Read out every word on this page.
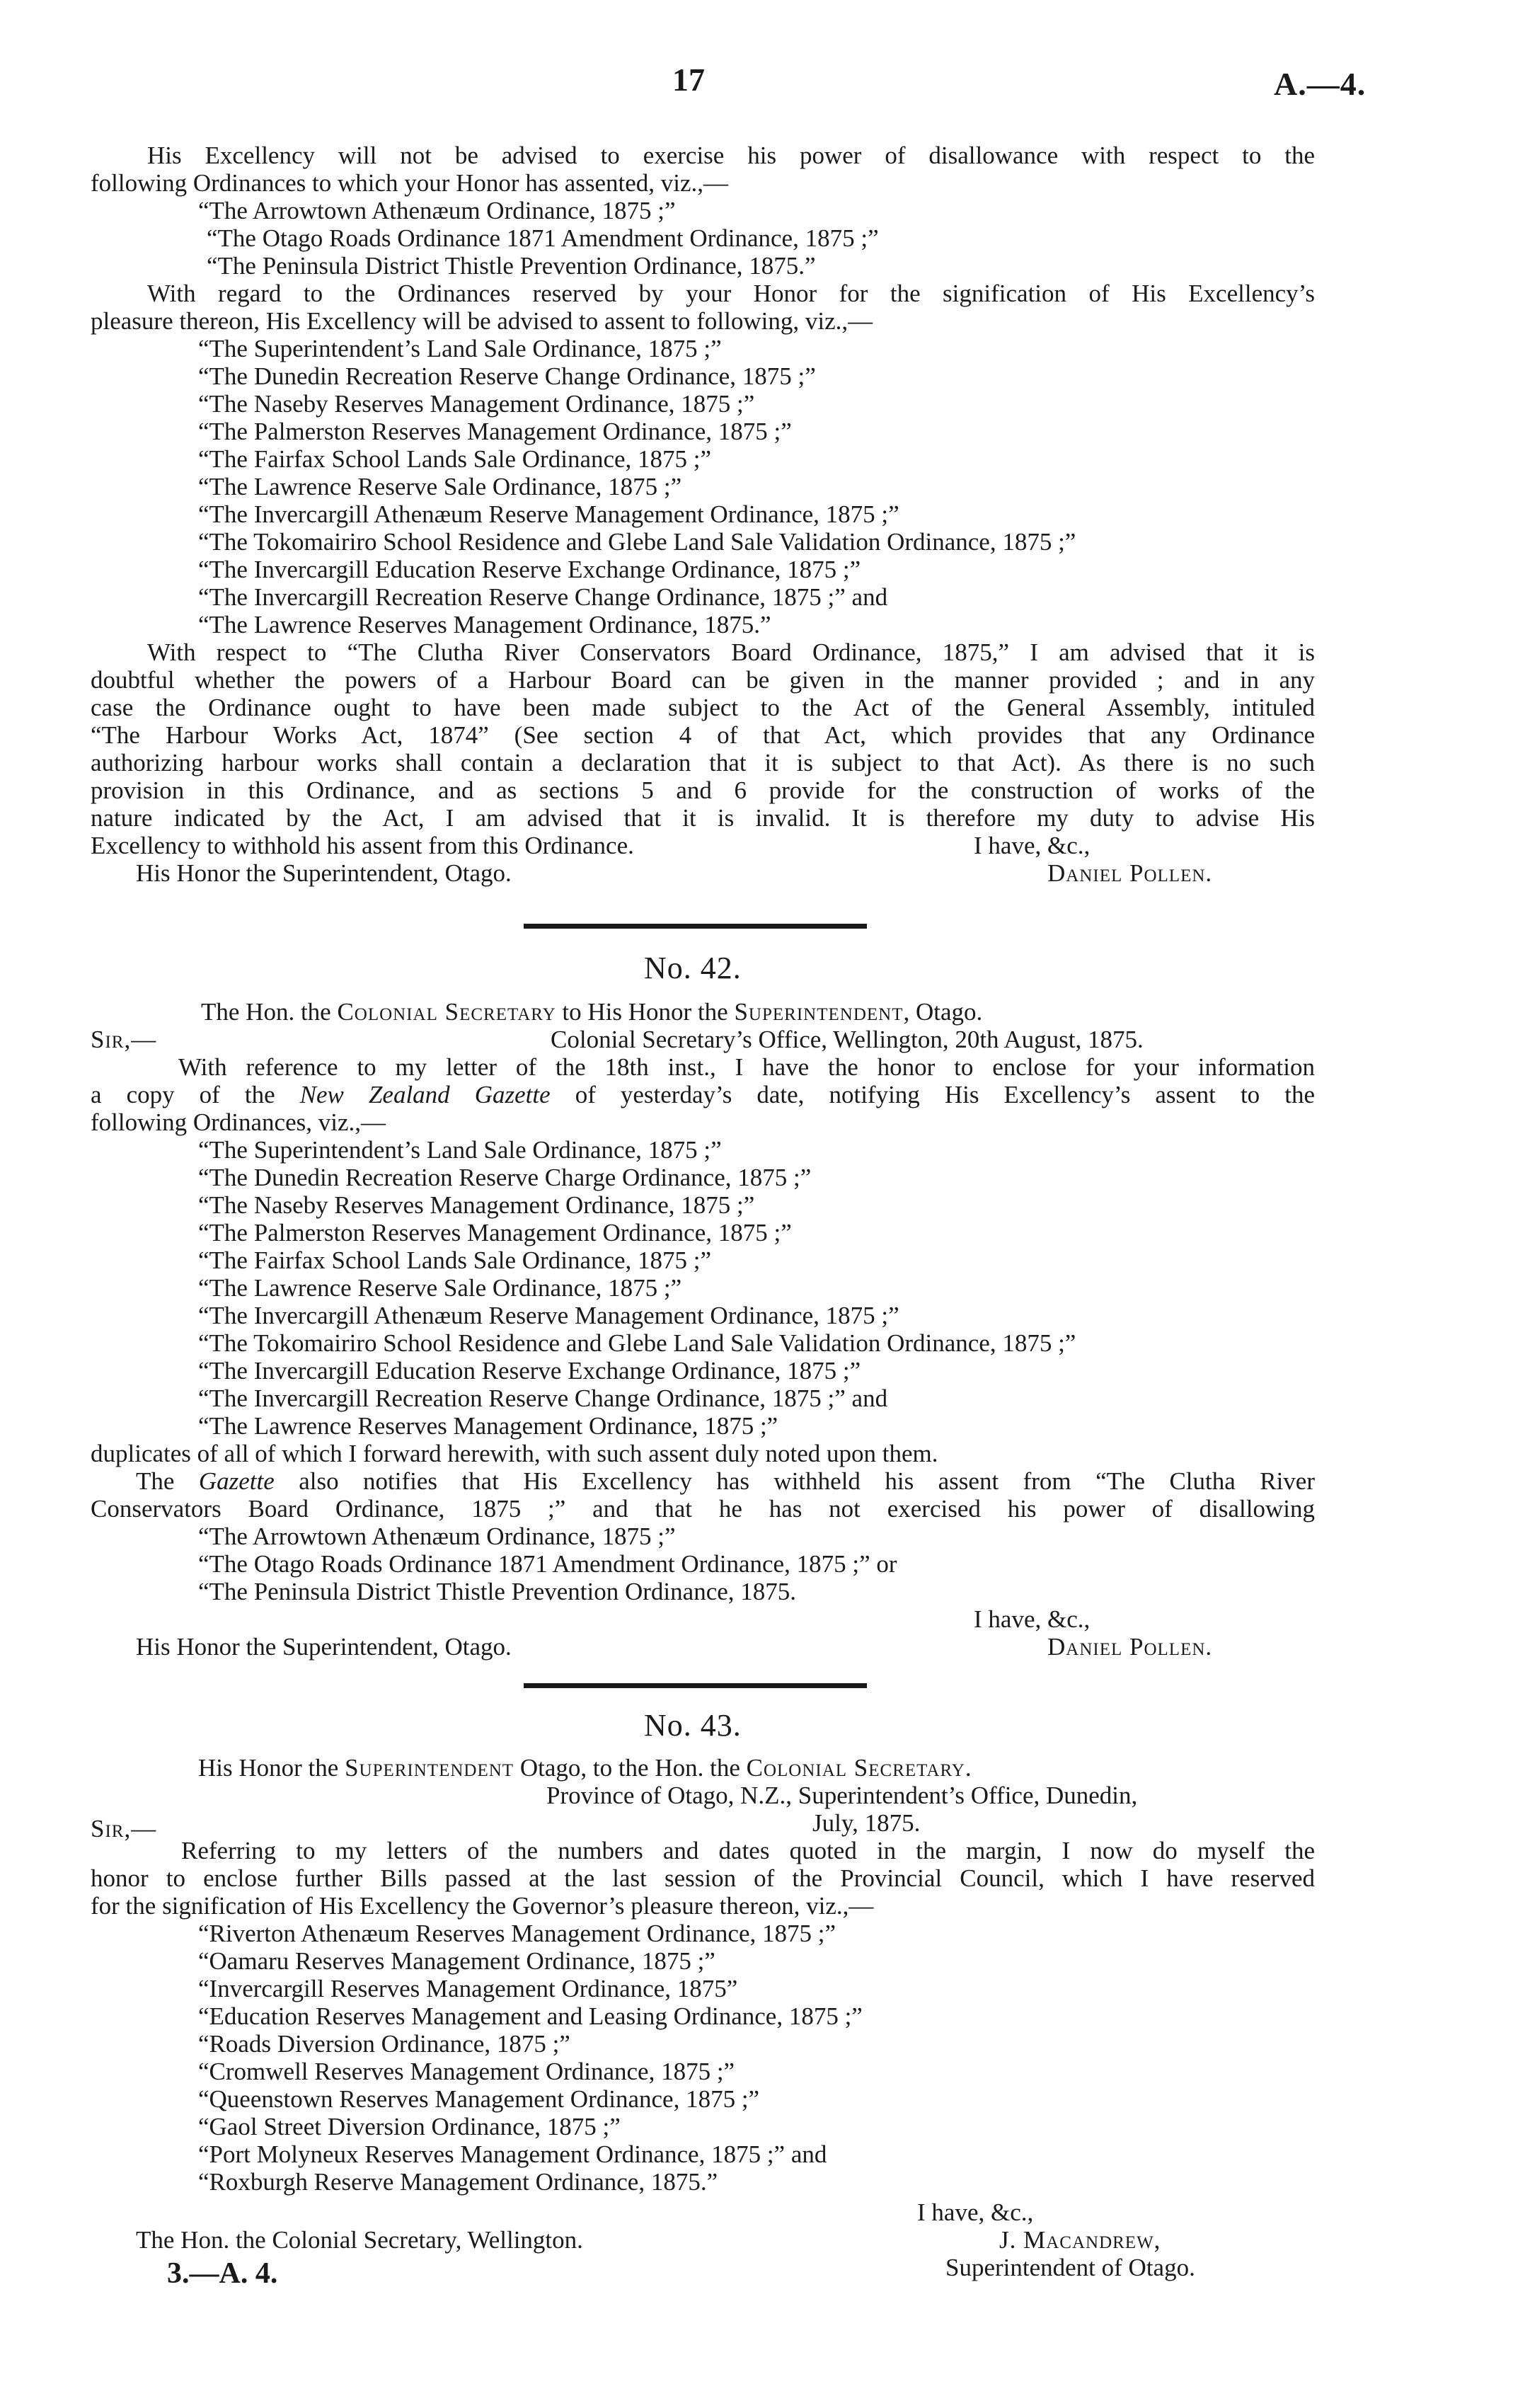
17	A.—4.
His Excellency will not be advised to exercise his power of disallowance with respect to the
following Ordinances to which your Honor has assented, viz.,—
“The Arrowtown Athenæum Ordinance, 1875 ;”
“The Otago Roads Ordinance 1871 Amendment Ordinance, 1875 ;”
“The Peninsula District Thistle Prevention Ordinance, 1875.”
With regard to the Ordinances reserved by your Honor for the signification of His Excellency’s
pleasure thereon, His Excellency will be advised to assent to following, viz.,—
“The Superintendent’s Land Sale Ordinance, 1875 ;”
“The Dunedin Recreation Reserve Change Ordinance, 1875 ;”
“The Naseby Reserves Management Ordinance, 1875 ;”
“The Palmerston Reserves Management Ordinance, 1875 ;”
“The Fairfax School Lands Sale Ordinance, 1875 ;”
“The Lawrence Reserve Sale Ordinance, 1875 ;”
“The Invercargill Athenæum Reserve Management Ordinance, 1875 ;”
“The Tokomairiro School Residence and Glebe Land Sale Validation Ordinance, 1875 ;”
“The Invercargill Education Reserve Exchange Ordinance, 1875 ;”
“The Invercargill Recreation Reserve Change Ordinance, 1875 ;” and
“The Lawrence Reserves Management Ordinance, 1875.”
With respect to “The Clutha River Conservators Board Ordinance, 1875,” I am advised that it is
doubtful whether the powers of a Harbour Board can be given in the manner provided ; and in any
case the Ordinance ought to have been made subject to the Act of the General Assembly, intituled
“The Harbour Works Act, 1874” (See section 4 of that Act, which provides that any Ordinance
authorizing harbour works shall contain a declaration that it is subject to that Act). As there is no such
provision in this Ordinance, and as sections 5 and 6 provide for the construction of works of the
nature indicated by the Act, I am advised that it is invalid. It is therefore my duty to advise His
Excellency to withhold his assent from this Ordinance.	I have, &c.,
His Honor the Superintendent, Otago.	Daniel Pollen.
No. 42.
The Hon. the Colonial Secretary to His Honor the Superintendent, Otago.
Sir,—	Colonial Secretary’s Office, Wellington, 20th August, 1875.
With reference to my letter of the 18th inst., I have the honor to enclose for your information
a copy of the New Zealand Gazette of yesterday’s date, notifying His Excellency’s assent to the
following Ordinances, viz.,—
“The Superintendent’s Land Sale Ordinance, 1875 ;”
“The Dunedin Recreation Reserve Charge Ordinance, 1875 ;”
“The Naseby Reserves Management Ordinance, 1875 ;”
“The Palmerston Reserves Management Ordinance, 1875 ;”
“The Fairfax School Lands Sale Ordinance, 1875 ;”
“The Lawrence Reserve Sale Ordinance, 1875 ;”
“The Invercargill Athenæum Reserve Management Ordinance, 1875 ;”
“The Tokomairiro School Residence and Glebe Land Sale Validation Ordinance, 1875 ;”
“The Invercargill Education Reserve Exchange Ordinance, 1875 ;”
“The Invercargill Recreation Reserve Change Ordinance, 1875 ;” and
“The Lawrence Reserves Management Ordinance, 1875 ;”
duplicates of all of which I forward herewith, with such assent duly noted upon them.
The Gazette also notifies that His Excellency has withheld his assent from “The Clutha River
Conservators Board Ordinance, 1875 ;” and that he has not exercised his power of disallowing
“The Arrowtown Athenæum Ordinance, 1875 ;”
“The Otago Roads Ordinance 1871 Amendment Ordinance, 1875 ;” or
“The Peninsula District Thistle Prevention Ordinance, 1875.
I have, &c.,
His Honor the Superintendent, Otago.	Daniel Pollen.
No. 43.
His Honor the Superintendent Otago, to the Hon. the Colonial Secretary.
Province of Otago, N.Z., Superintendent’s Office, Dunedin,
Sir,—	July, 1875.
Referring to my letters of the numbers and dates quoted in the margin, I now do myself the
honor to enclose further Bills passed at the last session of the Provincial Council, which I have reserved
for the signification of His Excellency the Governor’s pleasure thereon, viz.,—
“Riverton Athenæum Reserves Management Ordinance, 1875 ;”
“Oamaru Reserves Management Ordinance, 1875 ;”
“Invercargill Reserves Management Ordinance, 1875”
“Education Reserves Management and Leasing Ordinance, 1875 ;”
“Roads Diversion Ordinance, 1875 ;”
“Cromwell Reserves Management Ordinance, 1875 ;”
“Queenstown Reserves Management Ordinance, 1875 ;”
“Gaol Street Diversion Ordinance, 1875 ;”
“Port Molyneux Reserves Management Ordinance, 1875 ;” and
“Roxburgh Reserve Management Ordinance, 1875.”
I have, &c.,
The Hon. the Colonial Secretary, Wellington.	J. Macandrew,
Superintendent of Otago.
3.—A. 4.
